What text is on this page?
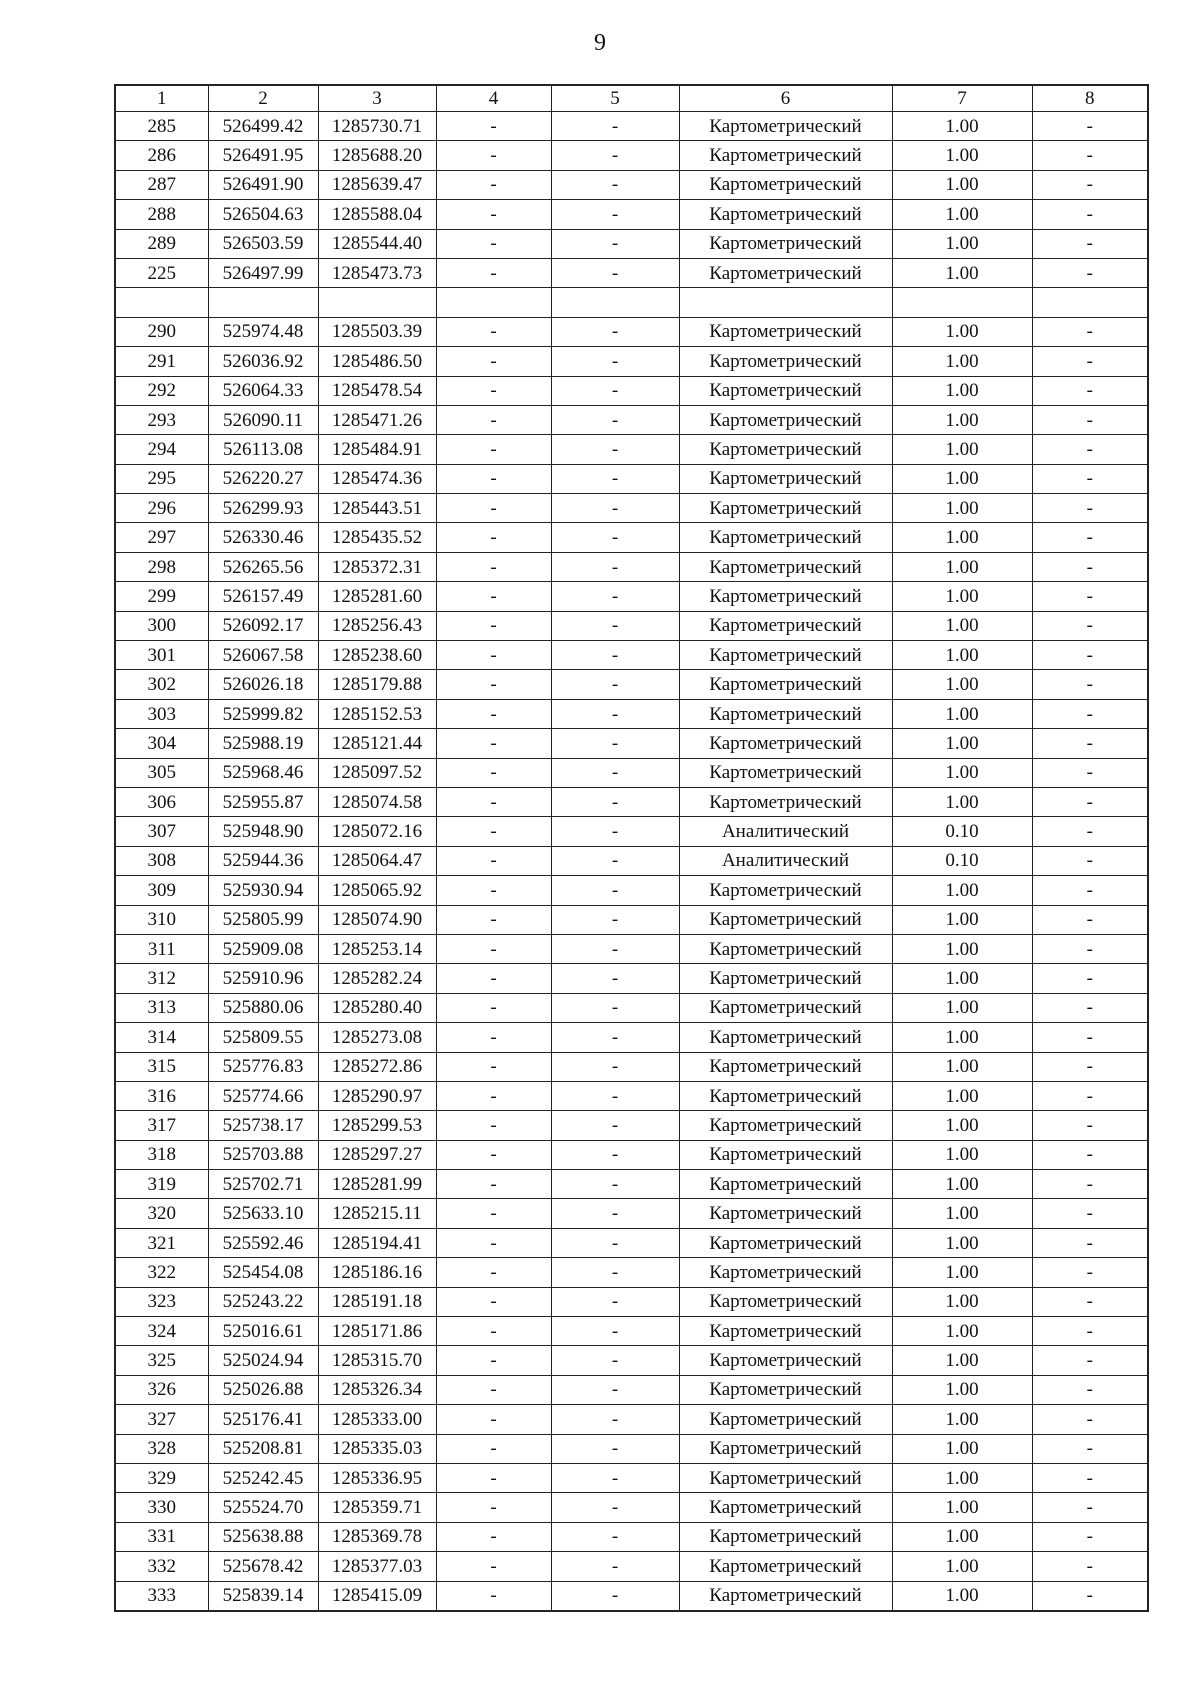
9
1	2	3	4	5	6	7	8
285	526499.42	1285730.71	-	-	Картометрический	1.00	-
286	526491.95	1285688.20	-	-	Картометрический	1.00	-
287	526491.90	1285639.47	-	-	Картометрический	1.00	-
288	526504.63	1285588.04	-	-	Картометрический	1.00	-
289	526503.59	1285544.40	-	-	Картометрический	1.00	-
225	526497.99	1285473.73	-	-	Картометрический	1.00	-

290	525974.48	1285503.39	-	-	Картометрический	1.00	-
291	526036.92	1285486.50	-	-	Картометрический	1.00	-
292	526064.33	1285478.54	-	-	Картометрический	1.00	-
293	526090.11	1285471.26	-	-	Картометрический	1.00	-
294	526113.08	1285484.91	-	-	Картометрический	1.00	-
295	526220.27	1285474.36	-	-	Картометрический	1.00	-
296	526299.93	1285443.51	-	-	Картометрический	1.00	-
297	526330.46	1285435.52	-	-	Картометрический	1.00	-
298	526265.56	1285372.31	-	-	Картометрический	1.00	-
299	526157.49	1285281.60	-	-	Картометрический	1.00	-
300	526092.17	1285256.43	-	-	Картометрический	1.00	-
301	526067.58	1285238.60	-	-	Картометрический	1.00	-
302	526026.18	1285179.88	-	-	Картометрический	1.00	-
303	525999.82	1285152.53	-	-	Картометрический	1.00	-
304	525988.19	1285121.44	-	-	Картометрический	1.00	-
305	525968.46	1285097.52	-	-	Картометрический	1.00	-
306	525955.87	1285074.58	-	-	Картометрический	1.00	-
307	525948.90	1285072.16	-	-	Аналитический	0.10	-
308	525944.36	1285064.47	-	-	Аналитический	0.10	-
309	525930.94	1285065.92	-	-	Картометрический	1.00	-
310	525805.99	1285074.90	-	-	Картометрический	1.00	-
311	525909.08	1285253.14	-	-	Картометрический	1.00	-
312	525910.96	1285282.24	-	-	Картометрический	1.00	-
313	525880.06	1285280.40	-	-	Картометрический	1.00	-
314	525809.55	1285273.08	-	-	Картометрический	1.00	-
315	525776.83	1285272.86	-	-	Картометрический	1.00	-
316	525774.66	1285290.97	-	-	Картометрический	1.00	-
317	525738.17	1285299.53	-	-	Картометрический	1.00	-
318	525703.88	1285297.27	-	-	Картометрический	1.00	-
319	525702.71	1285281.99	-	-	Картометрический	1.00	-
320	525633.10	1285215.11	-	-	Картометрический	1.00	-
321	525592.46	1285194.41	-	-	Картометрический	1.00	-
322	525454.08	1285186.16	-	-	Картометрический	1.00	-
323	525243.22	1285191.18	-	-	Картометрический	1.00	-
324	525016.61	1285171.86	-	-	Картометрический	1.00	-
325	525024.94	1285315.70	-	-	Картометрический	1.00	-
326	525026.88	1285326.34	-	-	Картометрический	1.00	-
327	525176.41	1285333.00	-	-	Картометрический	1.00	-
328	525208.81	1285335.03	-	-	Картометрический	1.00	-
329	525242.45	1285336.95	-	-	Картометрический	1.00	-
330	525524.70	1285359.71	-	-	Картометрический	1.00	-
331	525638.88	1285369.78	-	-	Картометрический	1.00	-
332	525678.42	1285377.03	-	-	Картометрический	1.00	-
333	525839.14	1285415.09	-	-	Картометрический	1.00	-
